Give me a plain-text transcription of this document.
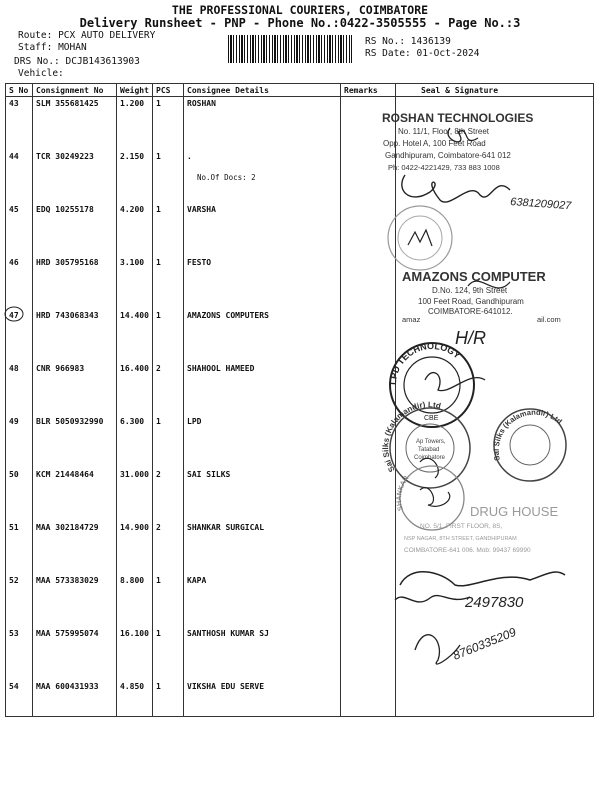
THE PROFESSIONAL COURIERS, COIMBATORE
Delivery Runsheet - PNP - Phone No.:0422-3505555 - Page No.:3
Route: PCX AUTO DELIVERY
Staff: MOHAN
DRS No.: DCJB143613903
Vehicle:
RS No.: 1436139
RS Date: 01-Oct-2024
S No	Consignment No	Weight	PCS	Consignee Details	Remarks	Seal & Signature
43	SLM 355681425	1.200	1	ROSHAN		
44	TCR 30249223	2.150	1	.
No.Of Docs: 2		

45	EDQ 10255178	4.200	1	VARSHA		
46	HRD 305795168	3.100	1	FESTO		
47	HRD 743068343	14.400	1	AMAZONS COMPUTERS		
48	CNR 966983	16.400	2	SHAHOOL HAMEED		
49	BLR 5050932990	6.300	1	LPD		
50	KCM 21448464	31.000	2	SAI SILKS		
51	MAA 302184729	14.900	2	SHANKAR SURGICAL		
52	MAA 573383029	8.800	1	KAPA		
53	MAA 575995074	16.100	1	SANTHOSH KUMAR SJ		
54	MAA 600431933	4.850	1	VIKSHA EDU SERVE		
ROSHAN TECHNOLOGIES
No. 11/1, Floor, 8th Street
Opp. Hotel A, 100 Feet Road
Gandhipuram, Coimbatore-641 012
Ph: 0422-4221429, 733 883 1008
6381209027
AMAZONS COMPUTER
D.No. 124, 9th Street
100 Feet Road, Gandhipuram
COIMBATORE-641012.
amaz	ail.com
H/R
LPD TECHNOLOGY
CBE
Sai Silks (Kalamandir) Ltd
Ap Towers,
Tatabad
Coimbatore	Sai Silks (Kalamandir) Ltd
SHANKAR
DRUG HOUSE
NO. 5/1, FIRST FLOOR, 8S,
NSP NAGAR, 8TH STREET, GANDHIPURAM
COIMBATORE-641 006. Mob: 99437 69990
2497830
8760335209
